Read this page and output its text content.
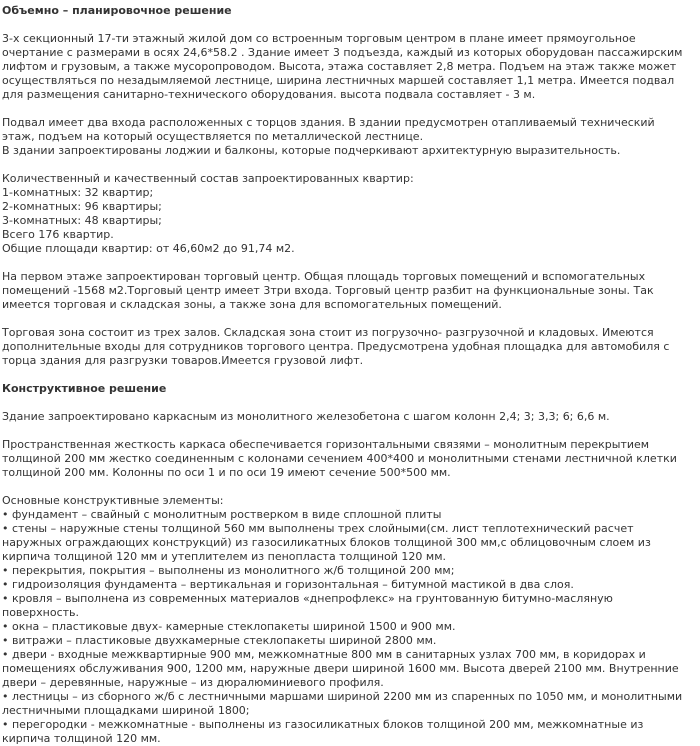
Объемно – планировочное решение

3-х секционный 17-ти этажный жилой дом со встроенным торговым центром в плане имеет прямоугольное очертание с размерами в осях 24,6*58.2 . Здание имеет 3 подъезда, каждый из которых оборудован пассажирским лифтом и грузовым, а также мусоропроводом. Высота, этажа составляет 2,8 метра. Подъем на этаж также может осуществляться по незадымляемой лестнице, ширина лестничных маршей составляет 1,1 метра. Имеется подвал для размещения санитарно-технического оборудования. высота подвала составляет - 3 м.

Подвал имеет два входа расположенных с торцов здания. В здании предусмотрен отапливаемый технический этаж, подъем на который осуществляется по металлической лестнице.
В здании запроектированы лоджии и балконы, которые подчеркивают архитектурную выразительность.

Количественный и качественный состав запроектированных квартир:
1-комнатных: 32 квартир;
2-комнатных: 96 квартиры;
3-комнатных: 48 квартиры;
Всего 176 квартир.
Общие площади квартир: от 46,60м2 до 91,74 м2.

На первом этаже запроектирован торговый центр. Общая площадь торговых помещений и вспомогательных помещений -1568 м2.Торговый центр имеет 3три входа. Торговый центр разбит на функциональные зоны. Так имеется торговая и складская зоны, а также зона для вспомогательных помещений.

Торговая зона состоит из трех залов. Складская зона стоит из погрузочно- разгрузочной и кладовых. Имеются дополнительные входы для сотрудников торгового центра. Предусмотрена удобная площадка для автомобиля с торца здания для разгрузки товаров.Имеется грузовой лифт.

Конструктивное решение

Здание запроектировано каркасным из монолитного железобетона с шагом колонн 2,4; 3; 3,3; 6; 6,6 м.

Пространственная жесткость каркаса обеспечивается горизонтальными связями – монолитным перекрытием толщиной 200 мм жестко соединенным с колонами сечением 400*400 и монолитными стенами лестничной клетки толщиной 200 мм. Колонны по оси 1 и по оси 19 имеют сечение 500*500 мм.

Основные конструктивные элементы:
• фундамент – свайный с монолитным ростверком в виде сплошной плиты
• стены – наружные стены толщиной 560 мм выполнены трех слойными(см. лист теплотехнический расчет наружных ограждающих конструкций) из газосиликатных блоков толщиной 300 мм,с облицовочным слоем из кирпича толщиной 120 мм и утеплителем из пенопласта толщиной 120 мм.
• перекрытия, покрытия – выполнены из монолитного ж/б толщиной 200 мм;
• гидроизоляция фундамента – вертикальная и горизонтальная – битумной мастикой в два слоя.
• кровля – выполнена из современных материалов «днепрофлекс» на грунтованную битумно-масляную поверхность.
• окна – пластиковые двух- камерные стеклопакеты шириной 1500 и 900 мм.
• витражи – пластиковые двухкамерные стеклопакеты шириной 2800 мм.
• двери - входные межквартирные 900 мм, межкомнатные 800 мм в санитарных узлах 700 мм, в коридорах и помещениях обслуживания 900, 1200 мм, наружные двери шириной 1600 мм. Высота дверей 2100 мм. Внутренние двери – деревянные, наружные – из дюралюминиевого профиля.
• лестницы – из сборного ж/б с лестничными маршами шириной 2200 мм из спаренных по 1050 мм, и монолитными лестничными площадками шириной 1800;
• перегородки - межкомнатные - выполнены из газосиликатных блоков толщиной 200 мм, межкомнатные из кирпича толщиной 120 мм.
